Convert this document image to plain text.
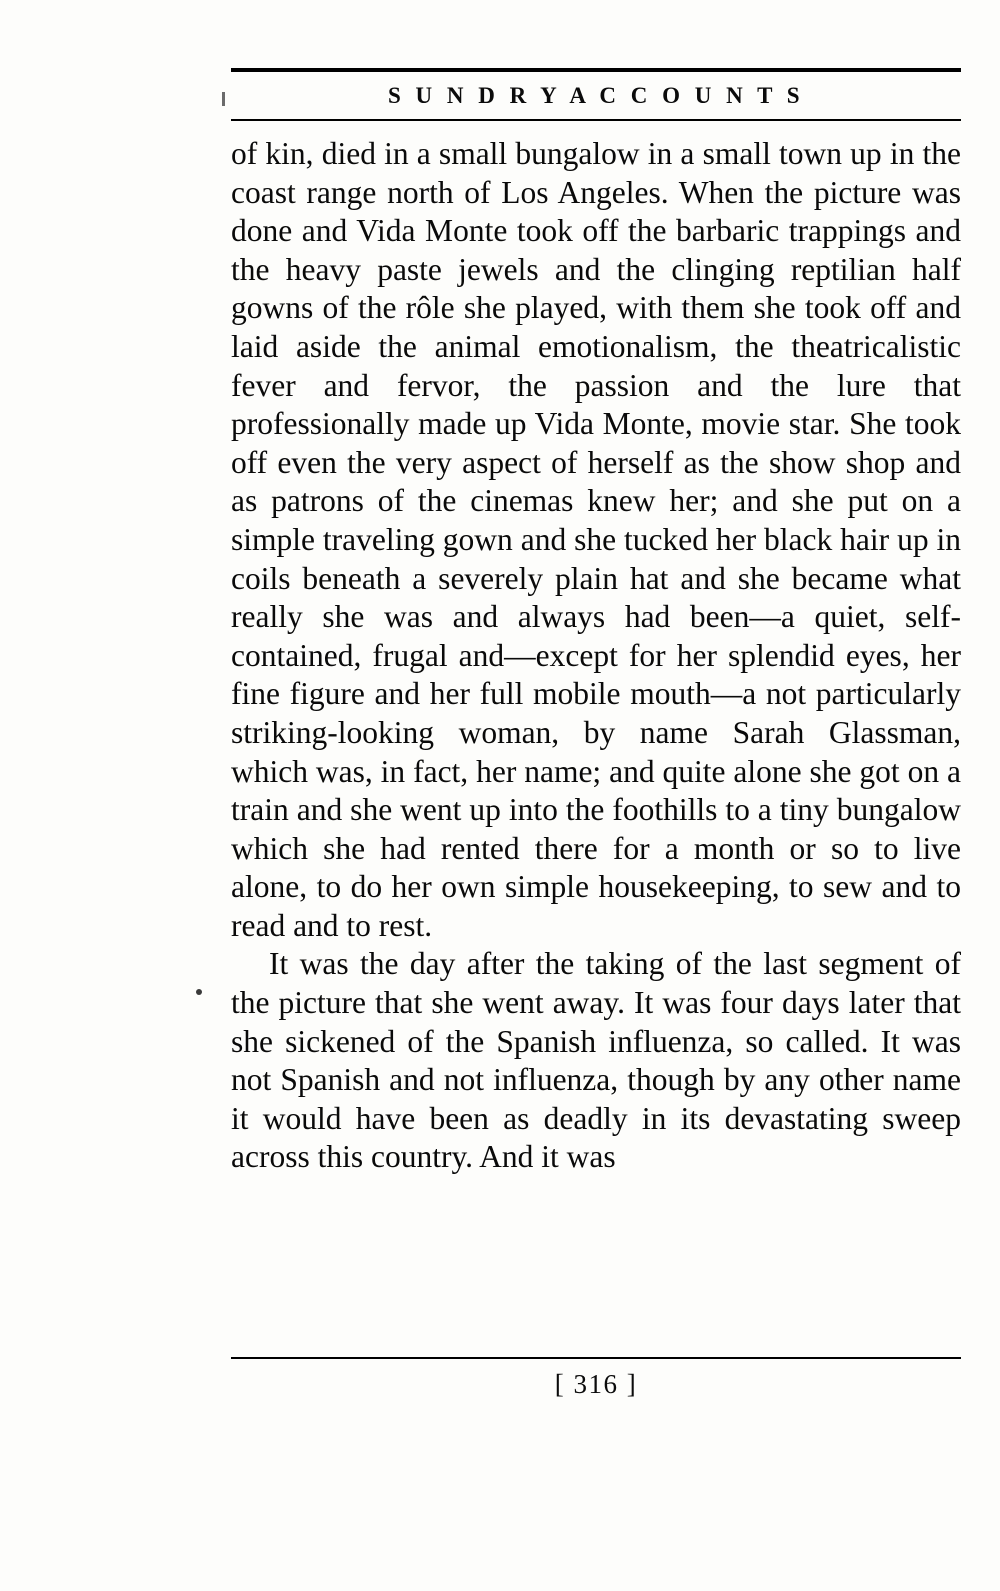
S U N D R Y A C C O U N T S

of kin, died in a small bungalow in a small town up in the coast range north of Los Angeles. When the picture was done and Vida Monte took off the barbaric trappings and the heavy paste jewels and the clinging reptilian half gowns of the rôle she played, with them she took off and laid aside the animal emotionalism, the theatricalistic fever and fervor, the passion and the lure that professionally made up Vida Monte, movie star. She took off even the very aspect of herself as the show shop and as patrons of the cinemas knew her; and she put on a simple traveling gown and she tucked her black hair up in coils beneath a severely plain hat and she became what really she was and always had been—a quiet, self-contained, frugal and—except for her splendid eyes, her fine figure and her full mobile mouth—a not particularly striking-looking woman, by name Sarah Glassman, which was, in fact, her name; and quite alone she got on a train and she went up into the foothills to a tiny bungalow which she had rented there for a month or so to live alone, to do her own simple housekeeping, to sew and to read and to rest.

It was the day after the taking of the last segment of the picture that she went away. It was four days later that she sickened of the Spanish influenza, so called. It was not Spanish and not influenza, though by any other name it would have been as deadly in its devastating sweep across this country. And it was

[ 316 ]
